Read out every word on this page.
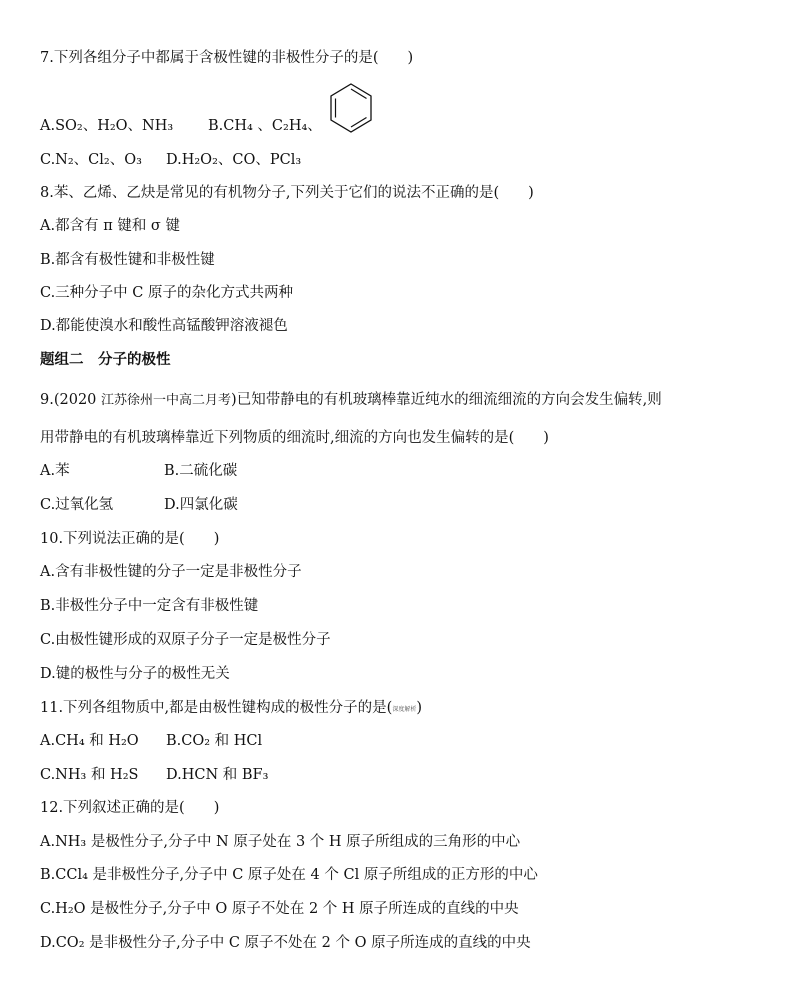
7.下列各组分子中都属于含极性键的非极性分子的是(　　)
A.SO₂、H₂O、NH₃ B.CH₄ 、C₂H₄、
C.N₂、Cl₂、O₃ D.H₂O₂、CO、PCl₃
8.苯、乙烯、乙炔是常见的有机物分子,下列关于它们的说法不正确的是(　　)
A.都含有 π 键和 σ 键
B.都含有极性键和非极性键
C.三种分子中 C 原子的杂化方式共两种
D.都能使溴水和酸性高锰酸钾溶液褪色
题组二　分子的极性
9.(2020 江苏徐州一中高二月考)已知带静电的有机玻璃棒靠近纯水的细流细流的方向会发生偏转,则
用带静电的有机玻璃棒靠近下列物质的细流时,细流的方向也发生偏转的是(　　)
A.苯	B.二硫化碳
C.过氧化氢	D.四氯化碳
10.下列说法正确的是(　　)
A.含有非极性键的分子一定是非极性分子
B.非极性分子中一定含有非极性键
C.由极性键形成的双原子分子一定是极性分子
D.键的极性与分子的极性无关
11.下列各组物质中,都是由极性键构成的极性分子的是(深度解析)
A.CH₄ 和 H₂O B.CO₂ 和 HCl
C.NH₃ 和 H₂S D.HCN 和 BF₃
12.下列叙述正确的是(　　)
A.NH₃ 是极性分子,分子中 N 原子处在 3 个 H 原子所组成的三角形的中心
B.CCl₄ 是非极性分子,分子中 C 原子处在 4 个 Cl 原子所组成的正方形的中心
C.H₂O 是极性分子,分子中 O 原子不处在 2 个 H 原子所连成的直线的中央
D.CO₂ 是非极性分子,分子中 C 原子不处在 2 个 O 原子所连成的直线的中央
